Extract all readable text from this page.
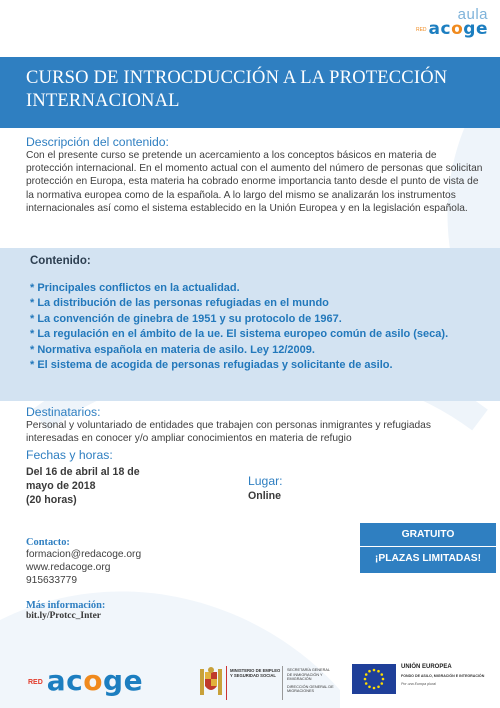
aula
RED acoge
CURSO DE INTROCDUCCIÓN A LA PROTECCIÓN
INTERNACIONAL
Descripción del contenido:
Con el presente curso se pretende un acercamiento a los conceptos básicos en materia de protección internacional. En el momento actual con el aumento del número de personas que solicitan protección en Europa, esta materia ha cobrado enorme importancia tanto desde el punto de vista de la normativa europea como de la española. A lo largo del mismo se analizarán los instrumentos internacionales así como el sistema establecido en la Unión Europea y en la legislación española.
Contenido:
* Principales conflictos en la actualidad.
* La distribución de las personas refugiadas en el mundo
* La convención de ginebra de 1951 y su protocolo de 1967.
* La regulación en el ámbito de la ue. El sistema europeo común de asilo (seca).
* Normativa española en materia de asilo. Ley 12/2009.
* El sistema de acogida de personas refugiadas y solicitante de asilo.
Destinatarios:
Personal y voluntariado de entidades que trabajen con personas inmigrantes y refugiadas interesadas en conocer y/o ampliar conocimientos en materia de refugio
Fechas y horas:
Del 16 de abril al 18 de
mayo de 2018
(20 horas)
Lugar:
Online
Contacto:
formacion@redacoge.org
www.redacoge.org
915633779
Más información:
bit.ly/Protcc_Inter
GRATUITO
¡PLAZAS LIMITADAS!
RED acoge	MINISTERIO DE EMPLEO Y SEGURIDAD SOCIAL
SECRETARÍA GENERAL DE INMIGRACIÓN Y EMIGRACIÓN
DIRECCIÓN GENERAL DE MIGRACIONES
UNIÓN EUROPEA
FONDO DE ASILO, MIGRACIÓN E INTEGRACIÓN
Por una Europa plural
